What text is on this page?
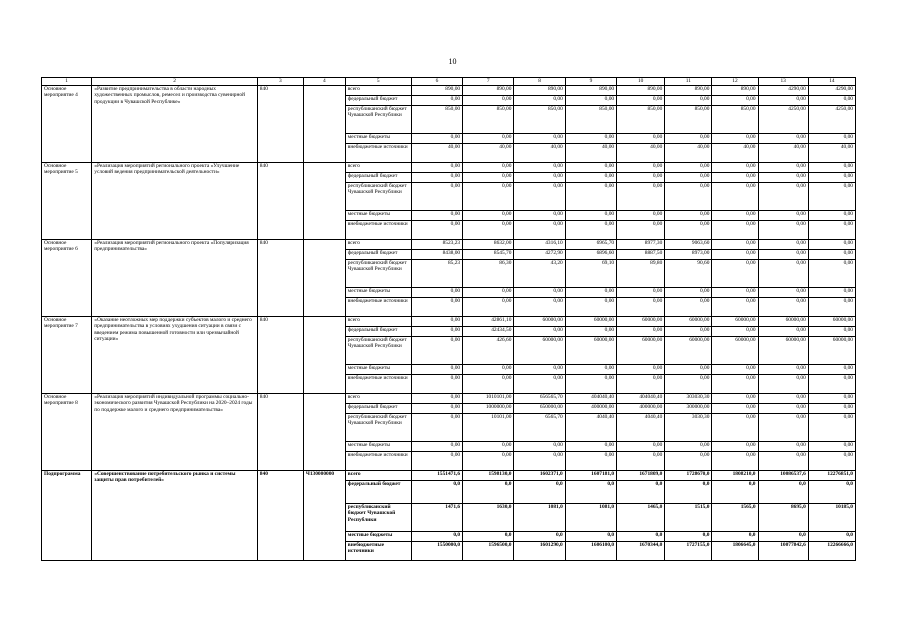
10
1	2	3	4	5	6	7	8	9	10	11	12	13	14
Основное мероприятие 4	«Развитие предпринимательства в области народных художественных промыслов, ремесел и производства сувенирной продукции в Чувашской Республике»	840		всего	890,00	890,00	890,00	890,00	890,00	890,00	890,00	4290,00	4290,00
				федеральный бюджет	0,00	0,00	0,00	0,00	0,00	0,00	0,00	0,00	0,00
				республиканский бюджет Чувашской Республики	850,00	850,00	850,00	850,00	850,00	850,00	850,00	4250,00	4250,00
				местные бюджеты	0,00	0,00	0,00	0,00	0,00	0,00	0,00	0,00	0,00
				внебюджетные источники	40,00	40,00	40,00	40,00	40,00	40,00	40,00	40,00	40,00
Основное мероприятие 5	«Реализация мероприятий регионального проекта «Улучшение условий ведения предпринимательской деятельности»	840		всего	0,00	0,00	0,00	0,00	0,00	0,00	0,00	0,00	0,00
				федеральный бюджет	0,00	0,00	0,00	0,00	0,00	0,00	0,00	0,00	0,00
				республиканский бюджет Чувашской Республики	0,00	0,00	0,00	0,00	0,00	0,00	0,00	0,00	0,00
				местные бюджеты	0,00	0,00	0,00	0,00	0,00	0,00	0,00	0,00	0,00
				внебюджетные источники	0,00	0,00	0,00	0,00	0,00	0,00	0,00	0,00	0,00
Основное мероприятие 6	«Реализация мероприятий регионального проекта «Популяризация предпринимательства»	840		всего	8523,23	8632,00	4316,10	6965,70	8977,30	9063,60	0,00	0,00	0,00
				федеральный бюджет	8438,00	8545,70	4272,90	6896,60	8887,50	8973,00	0,00	0,00	0,00
				республиканский бюджет Чувашской Республики	85,23	86,30	43,20	69,10	89,80	90,60	0,00	0,00	0,00
				местные бюджеты	0,00	0,00	0,00	0,00	0,00	0,00	0,00	0,00	0,00
				внебюджетные источники	0,00	0,00	0,00	0,00	0,00	0,00	0,00	0,00	0,00
Основное мероприятие 7	«Оказание неотложных мер поддержки субъектов малого и среднего предпринимательства в условиях ухудшения ситуации в связи с введением режима повышенной готовности или чрезвычайной ситуации»	840		всего	0,00	42861,10	60000,00	60000,00	60000,00	60000,00	60000,00	60000,00	60000,00
				федеральный бюджет	0,00	42434,50	0,00	0,00	0,00	0,00	0,00	0,00	0,00
				республиканский бюджет Чувашской Республики	0,00	426,60	60000,00	60000,00	60000,00	60000,00	60000,00	60000,00	60000,00
				местные бюджеты	0,00	0,00	0,00	0,00	0,00	0,00	0,00	0,00	0,00
				внебюджетные источники	0,00	0,00	0,00	0,00	0,00	0,00	0,00	0,00	0,00
Основное мероприятие 8	«Реализация мероприятий индивидуальной программы социально-экономического развития Чувашской Республики на 2020–2024 годы по поддержке малого и среднего предпринимательства»	840		всего	0,00	1010101,00	656565,70	404040,40	404040,40	303030,30	0,00	0,00	0,00
				федеральный бюджет	0,00	1000000,00	650000,00	400000,00	400000,00	300000,00	0,00	0,00	0,00
				республиканский бюджет Чувашской Республики	0,00	10101,00	6565,70	4040,40	4040,40	3030,30	0,00	0,00	0,00
				местные бюджеты	0,00	0,00	0,00	0,00	0,00	0,00	0,00	0,00	0,00
				внебюджетные источники	0,00	0,00	0,00	0,00	0,00	0,00	0,00	0,00	0,00
Подпрограмма	«Совершенствование потребительского рынка и системы защиты прав потребителей»	840	Ч130000000	всего	1551471,6	1598130,0	1602371,0	1607181,0	1671809,0	1728670,0	1808210,0	10086537,6	12276851,0
				федеральный бюджет	0,0	0,0	0,0	0,0	0,0	0,0	0,0	0,0	0,0
				республиканский бюджет Чувашской Республики	1471,6	1630,0	1081,0	1081,0	1465,0	1515,0	1565,0	8695,0	10185,0
				местные бюджеты	0,0	0,0	0,0	0,0	0,0	0,0	0,0	0,0	0,0
				внебюджетные источники	1550000,0	1596500,0	1601290,0	1606100,0	1670344,0	1727155,0	1806645,0	10077842,6	12266666,0
